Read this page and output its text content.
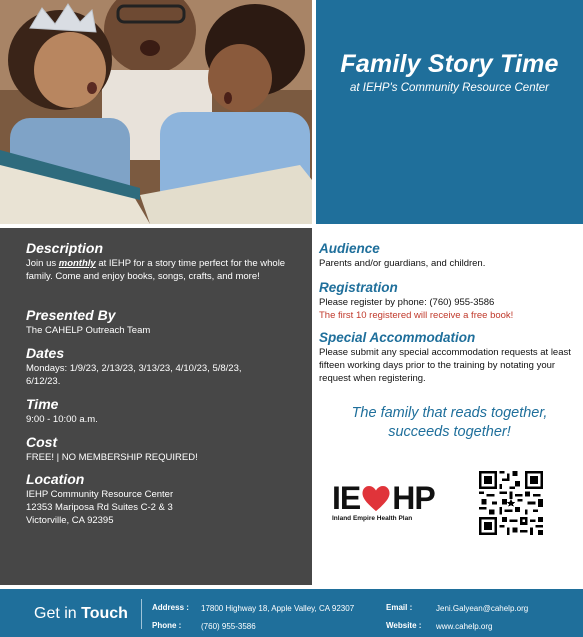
Family Story Time
at IEHP's Community Resource Center
Description

Join us monthly at IEHP for a story time perfect for the whole family. Come and enjoy books, songs, crafts, and more!

Presented By

The CAHELP Outreach Team

Dates

Mondays: 1/9/23, 2/13/23, 3/13/23, 4/10/23, 5/8/23, 6/12/23.

Time

9:00 - 10:00 a.m.

Cost

FREE! | NO MEMBERSHIP REQUIRED!

Location

IEHP Community Resource Center

12353 Mariposa Rd Suites C-2 & 3

Victorville, CA 92395

Audience

Parents and/or guardians, and children.

Registration

Please register by phone: (760) 955-3586

The first 10 registered will receive a free book!

Special Accommodation

Please submit any special accommodation requests at least fifteen working days prior to the training by notating your request when registering.

The family that reads together,
succeeds together!
IE HP
Inland Empire Health Plan
Get in Touch	Address : 17800 Highway 18, Apple Valley, CA 92307
Phone : (760) 955-3586
Email :	Jeni.Galyean@cahelp.org
Website : www.cahelp.org
